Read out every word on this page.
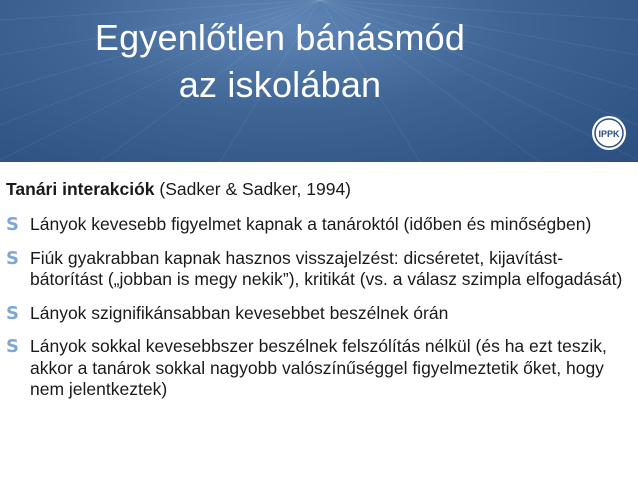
Egyenlőtlen bánásmód
az iskolában
IPPK
Tanári interakciók (Sadker & Sadker, 1994)
S Lányok kevesebb figyelmet kapnak a tanároktól (időben és minőségben)
S Fiúk gyakrabban kapnak hasznos visszajelzést: dicséretet, kijavítást-bátorítást („jobban is megy nekik”), kritikát (vs. a válasz szimpla elfogadását)
S Lányok szignifikánsabban kevesebbet beszélnek órán
S Lányok sokkal kevesebbszer beszélnek felszólítás nélkül (és ha ezt teszik, akkor a tanárok sokkal nagyobb valószínűséggel figyelmeztetik őket, hogy nem jelentkeztek)
